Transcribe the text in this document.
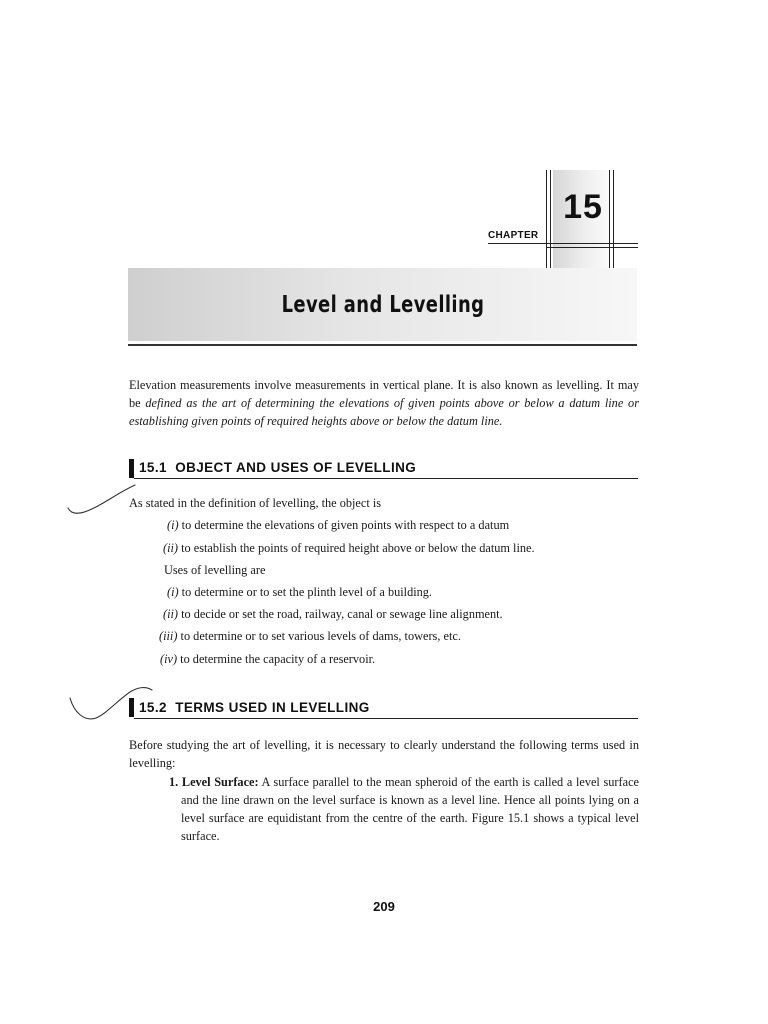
15
CHAPTER
Level and Levelling
Elevation measurements involve measurements in vertical plane. It is also known as levelling. It may be defined as the art of determining the elevations of given points above or below a datum line or establishing given points of required heights above or below the datum line.
15.1 OBJECT AND USES OF LEVELLING
As stated in the definition of levelling, the object is
(i) to determine the elevations of given points with respect to a datum
(ii) to establish the points of required height above or below the datum line.
Uses of levelling are
(i) to determine or to set the plinth level of a building.
(ii) to decide or set the road, railway, canal or sewage line alignment.
(iii) to determine or to set various levels of dams, towers, etc.
(iv) to determine the capacity of a reservoir.
15.2 TERMS USED IN LEVELLING
Before studying the art of levelling, it is necessary to clearly understand the following terms used in levelling:
1. Level Surface: A surface parallel to the mean spheroid of the earth is called a level surface and the line drawn on the level surface is known as a level line. Hence all points lying on a level surface are equidistant from the centre of the earth. Figure 15.1 shows a typical level surface.
209
